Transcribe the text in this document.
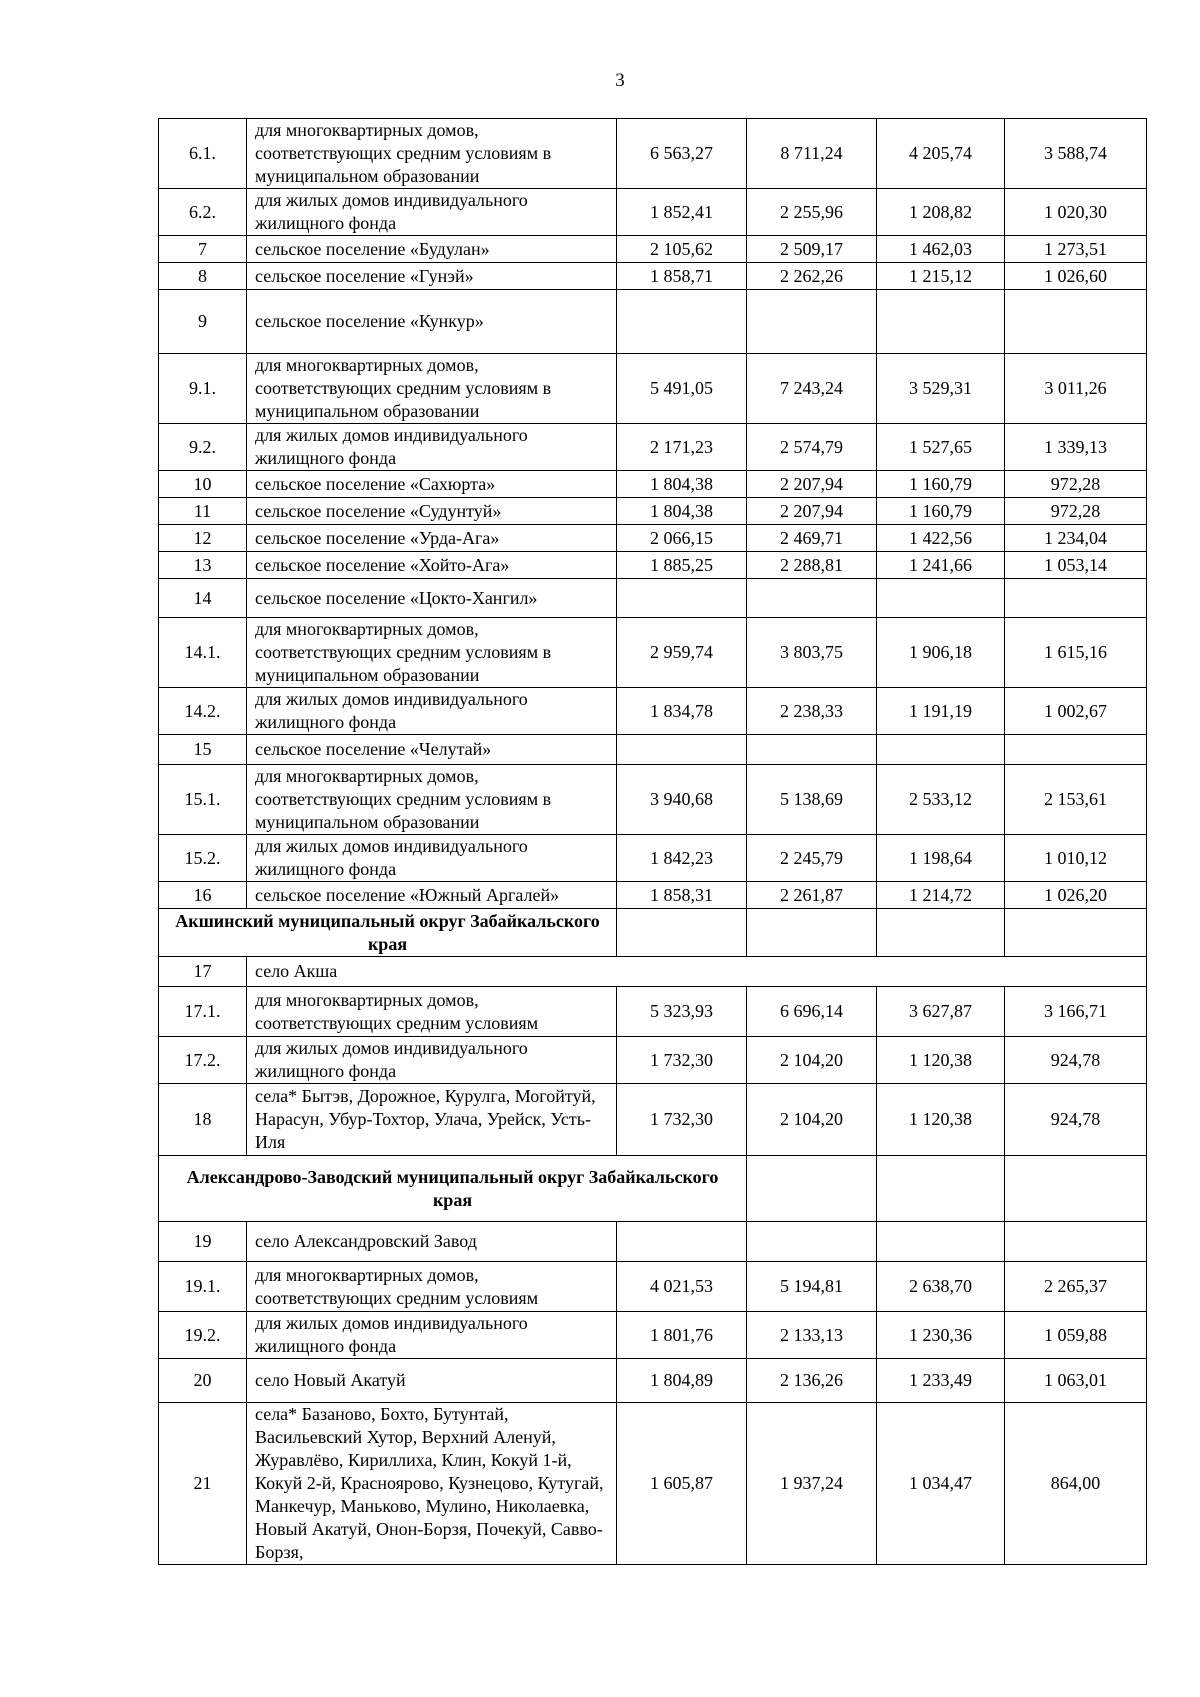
3
6.1.	для многоквартирных домов, соответствующих средним условиям в муниципальном образовании	6 563,27	8 711,24	4 205,74	3 588,74
6.2.	для жилых домов индивидуального жилищного фонда	1 852,41	2 255,96	1 208,82	1 020,30
7	сельское поселение «Будулан»	2 105,62	2 509,17	1 462,03	1 273,51
8	сельское поселение «Гунэй»	1 858,71	2 262,26	1 215,12	1 026,60
9	сельское поселение «Кункур»				
9.1.	для многоквартирных домов, соответствующих средним условиям в муниципальном образовании	5 491,05	7 243,24	3 529,31	3 011,26
9.2.	для жилых домов индивидуального жилищного фонда	2 171,23	2 574,79	1 527,65	1 339,13
10	сельское поселение «Сахюрта»	1 804,38	2 207,94	1 160,79	972,28
11	сельское поселение «Судунтуй»	1 804,38	2 207,94	1 160,79	972,28
12	сельское поселение «Урда-Ага»	2 066,15	2 469,71	1 422,56	1 234,04
13	сельское поселение «Хойто-Ага»	1 885,25	2 288,81	1 241,66	1 053,14
14	сельское поселение «Цокто-Хангил»				
14.1.	для многоквартирных домов, соответствующих средним условиям в муниципальном образовании	2 959,74	3 803,75	1 906,18	1 615,16
14.2.	для жилых домов индивидуального жилищного фонда	1 834,78	2 238,33	1 191,19	1 002,67
15	сельское поселение «Челутай»				
15.1.	для многоквартирных домов, соответствующих средним условиям в муниципальном образовании	3 940,68	5 138,69	2 533,12	2 153,61
15.2.	для жилых домов индивидуального жилищного фонда	1 842,23	2 245,79	1 198,64	1 010,12
16	сельское поселение «Южный Аргалей»	1 858,31	2 261,87	1 214,72	1 026,20
Акшинский муниципальный округ Забайкальского края					
17	село Акша				
17.1.	для многоквартирных домов, соответствующих средним условиям	5 323,93	6 696,14	3 627,87	3 166,71
17.2.	для жилых домов индивидуального жилищного фонда	1 732,30	2 104,20	1 120,38	924,78
18	села* Бытэв, Дорожное, Курулга, Могойтуй, Нарасун, Убур-Тохтор, Улача, Урейск, Усть-Иля	1 732,30	2 104,20	1 120,38	924,78
Александрово-Заводский муниципальный округ Забайкальского края					
19	село Александровский Завод				
19.1.	для многоквартирных домов, соответствующих средним условиям	4 021,53	5 194,81	2 638,70	2 265,37
19.2.	для жилых домов индивидуального жилищного фонда	1 801,76	2 133,13	1 230,36	1 059,88
20	село Новый Акатуй	1 804,89	2 136,26	1 233,49	1 063,01
21	села* Базаново, Бохто, Бутунтай, Васильевский Хутор, Верхний Аленуй, Журавлёво, Кириллиха, Клин, Кокуй 1-й, Кокуй 2-й, Красноярово, Кузнецово, Кутугай, Манкечур, Маньково, Мулино, Николаевка, Новый Акатуй, Онон-Борзя, Почекуй, Савво-Борзя,	1 605,87	1 937,24	1 034,47	864,00
